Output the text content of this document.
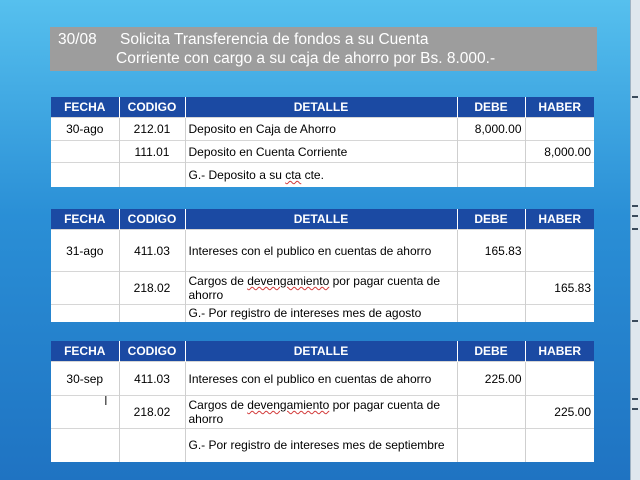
30/08 Solicita Transferencia de fondos a su Cuenta
Corriente con cargo a su caja de ahorro por Bs. 8.000.-
FECHA	CODIGO	DETALLE	DEBE	HABER
30-ago	212.01	Deposito en Caja de Ahorro	8,000.00	
	111.01	Deposito en Cuenta Corriente		8,000.00
		G.- Deposito a su cta cte.		
FECHA	CODIGO	DETALLE	DEBE	HABER
31-ago	411.03	Intereses con el publico en cuentas de ahorro	165.83	
	218.02	Cargos de devengamiento por pagar cuenta de ahorro		165.83
		G.- Por registro de intereses mes de agosto		
FECHA	CODIGO	DETALLE	DEBE	HABER
30-sep	411.03	Intereses con el publico en cuentas de ahorro	225.00	
	218.02	Cargos de devengamiento por pagar cuenta de ahorro		225.00
		G.- Por registro de intereses mes de septiembre		
I
